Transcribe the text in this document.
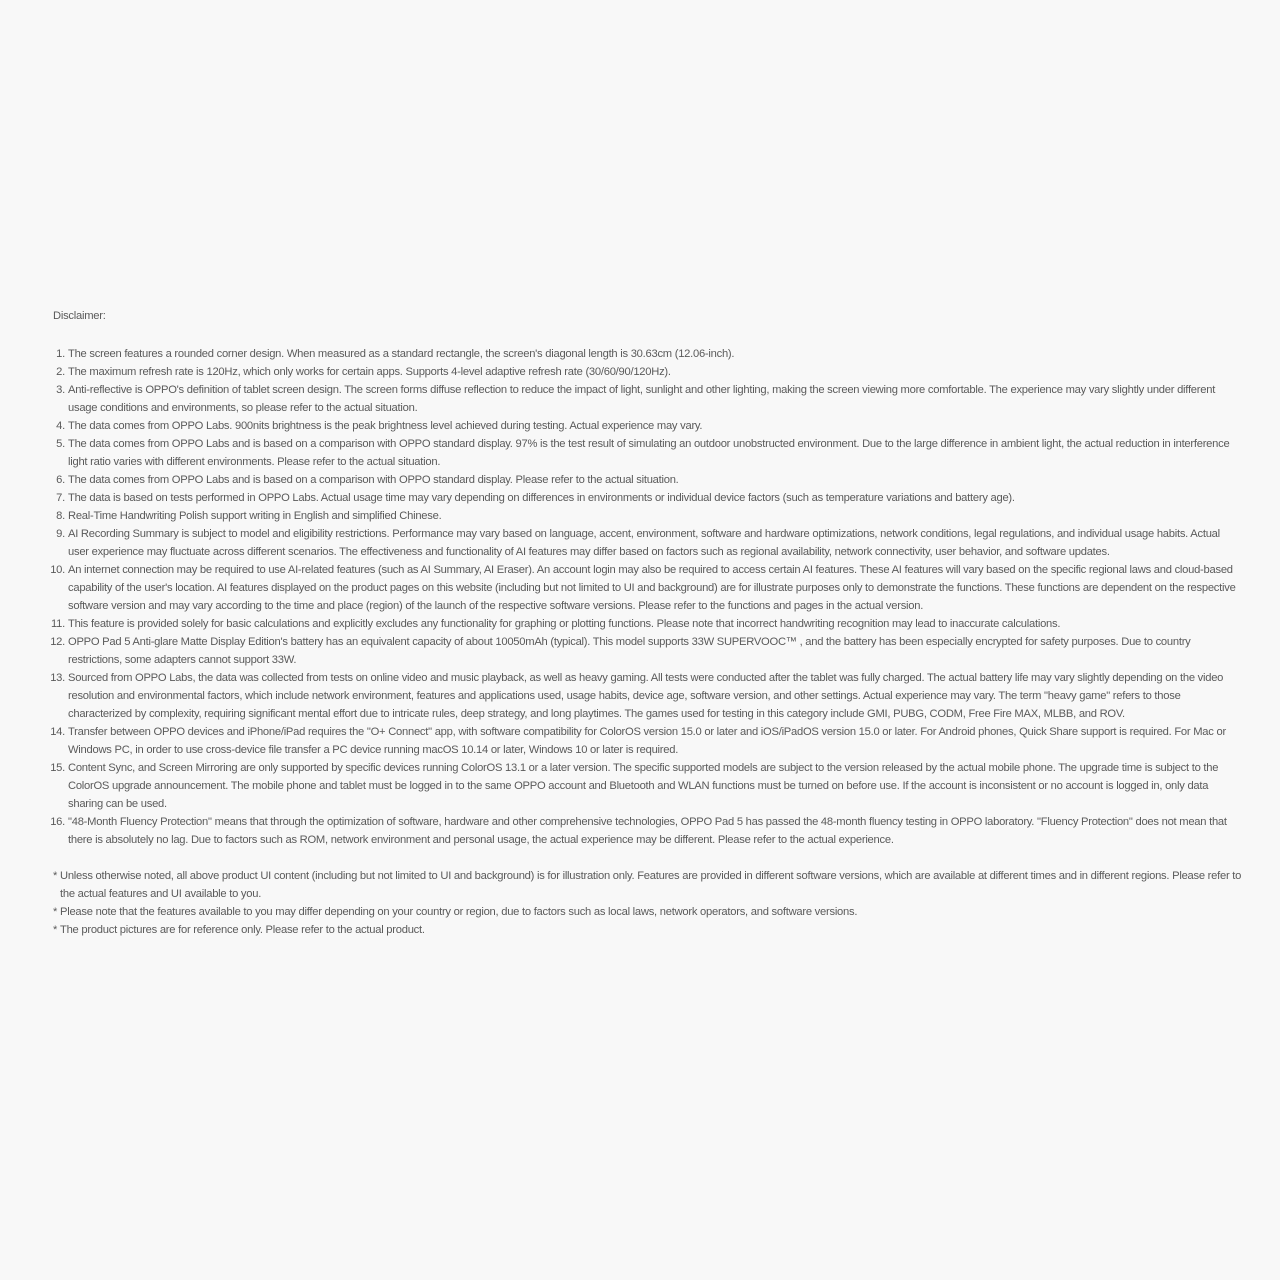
Disclaimer:
1. The screen features a rounded corner design. When measured as a standard rectangle, the screen's diagonal length is 30.63cm (12.06-inch).
2. The maximum refresh rate is 120Hz, which only works for certain apps. Supports 4-level adaptive refresh rate (30/60/90/120Hz).
3. Anti-reflective is OPPO's definition of tablet screen design. The screen forms diffuse reflection to reduce the impact of light, sunlight and other lighting, making the screen viewing more comfortable. The experience may vary slightly under different usage conditions and environments, so please refer to the actual situation.
4. The data comes from OPPO Labs. 900nits brightness is the peak brightness level achieved during testing. Actual experience may vary.
5. The data comes from OPPO Labs and is based on a comparison with OPPO standard display. 97% is the test result of simulating an outdoor unobstructed environment. Due to the large difference in ambient light, the actual reduction in interference light ratio varies with different environments. Please refer to the actual situation.
6. The data comes from OPPO Labs and is based on a comparison with OPPO standard display. Please refer to the actual situation.
7. The data is based on tests performed in OPPO Labs. Actual usage time may vary depending on differences in environments or individual device factors (such as temperature variations and battery age).
8. Real-Time Handwriting Polish support writing in English and simplified Chinese.
9. AI Recording Summary is subject to model and eligibility restrictions. Performance may vary based on language, accent, environment, software and hardware optimizations, network conditions, legal regulations, and individual usage habits. Actual user experience may fluctuate across different scenarios. The effectiveness and functionality of AI features may differ based on factors such as regional availability, network connectivity, user behavior, and software updates.
10. An internet connection may be required to use AI-related features (such as AI Summary, AI Eraser). An account login may also be required to access certain AI features. These AI features will vary based on the specific regional laws and cloud-based capability of the user's location. AI features displayed on the product pages on this website (including but not limited to UI and background) are for illustrate purposes only to demonstrate the functions. These functions are dependent on the respective software version and may vary according to the time and place (region) of the launch of the respective software versions. Please refer to the functions and pages in the actual version.
11. This feature is provided solely for basic calculations and explicitly excludes any functionality for graphing or plotting functions. Please note that incorrect handwriting recognition may lead to inaccurate calculations.
12. OPPO Pad 5 Anti-glare Matte Display Edition's battery has an equivalent capacity of about 10050mAh (typical). This model supports 33W SUPERVOOC™ , and the battery has been especially encrypted for safety purposes. Due to country restrictions, some adapters cannot support 33W.
13. Sourced from OPPO Labs, the data was collected from tests on online video and music playback, as well as heavy gaming. All tests were conducted after the tablet was fully charged. The actual battery life may vary slightly depending on the video resolution and environmental factors, which include network environment, features and applications used, usage habits, device age, software version, and other settings. Actual experience may vary. The term "heavy game" refers to those characterized by complexity, requiring significant mental effort due to intricate rules, deep strategy, and long playtimes. The games used for testing in this category include GMI, PUBG, CODM, Free Fire MAX, MLBB, and ROV.
14. Transfer between OPPO devices and iPhone/iPad requires the "O+ Connect" app, with software compatibility for ColorOS version 15.0 or later and iOS/iPadOS version 15.0 or later. For Android phones, Quick Share support is required. For Mac or Windows PC, in order to use cross-device file transfer a PC device running macOS 10.14 or later, Windows 10 or later is required.
15. Content Sync, and Screen Mirroring are only supported by specific devices running ColorOS 13.1 or a later version. The specific supported models are subject to the version released by the actual mobile phone. The upgrade time is subject to the ColorOS upgrade announcement. The mobile phone and tablet must be logged in to the same OPPO account and Bluetooth and WLAN functions must be turned on before use. If the account is inconsistent or no account is logged in, only data sharing can be used.
16. "48-Month Fluency Protection" means that through the optimization of software, hardware and other comprehensive technologies, OPPO Pad 5 has passed the 48-month fluency testing in OPPO laboratory. "Fluency Protection" does not mean that there is absolutely no lag. Due to factors such as ROM, network environment and personal usage, the actual experience may be different. Please refer to the actual experience.
* Unless otherwise noted, all above product UI content (including but not limited to UI and background) is for illustration only. Features are provided in different software versions, which are available at different times and in different regions. Please refer to the actual features and UI available to you.
* Please note that the features available to you may differ depending on your country or region, due to factors such as local laws, network operators, and software versions.
* The product pictures are for reference only. Please refer to the actual product.
